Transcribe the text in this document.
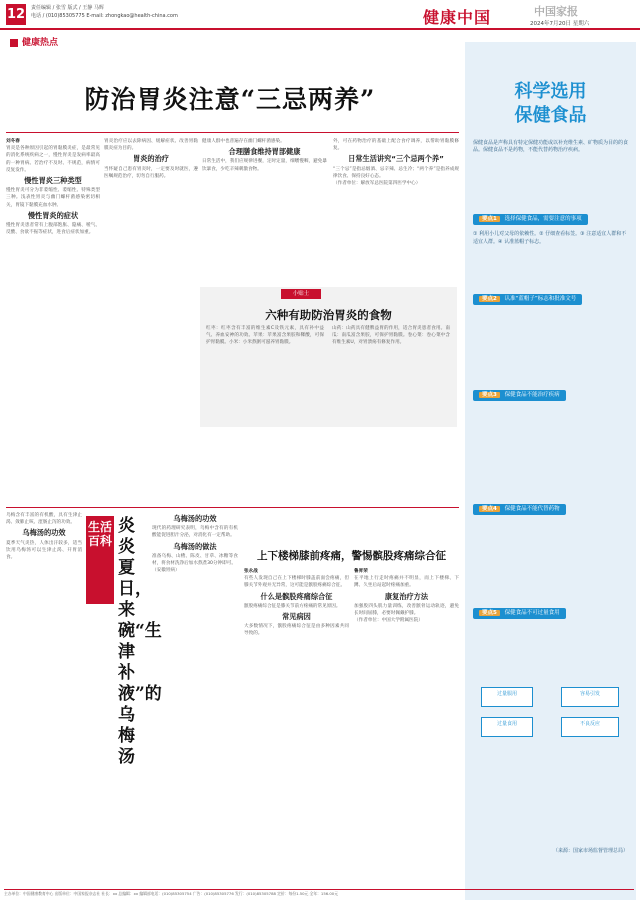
12 责任编辑 / 张雪 版式 / 王静 马辉
电话 / (010)85305775 E-mail: zhongkao@health-china.com	健康中国	中国家报
2024年7月20日 星期六
健康热点
防治胃炎注意“三忌两养”
刘冬春
胃炎是各种原因引起的胃黏膜炎症，是最常见的消化系统疾病之一，慢性胃炎是发病率最高的一种胃病。若治疗不及时、不规范，病情可反复发作。
慢性胃炎三种类型
慢性胃炎可分为非萎缩性、萎缩性、特殊类型三种。浅表性胃炎与幽门螺杆菌感染密切相关，胃镜下黏膜充血水肿。
慢性胃炎的症状
慢性胃炎患者常有上腹部饱胀、隐痛、嗳气、反酸、食欲不振等症状，进食后症状加重。
胃炎治疗应以去除病因、缓解症状、改善胃黏膜炎症为目的。
胃炎的治疗
当怀疑自己患有胃炎时，一定要及时就医，遵医嘱规范治疗，切勿自行服药。
健康人群中也普遍存在幽门螺杆菌感染。
合理膳食维持胃部健康
日常生活中，我们应规律进餐，定时定量，细嚼慢咽，避免暴饮暴食，少吃辛辣刺激食物。
外，可在药物治疗的基础上配合食疗调养，以帮助胃黏膜修复。
日常生活讲究“三个忌两个养”
“三个忌”是指忌烟酒、忌辛辣、忌生冷；“两个养”是指养成规律饮食、保持良好心态。
（作者单位：解放军总医院第四医学中心）
小贴士
六种有助防治胃炎的食物
红枣：红枣含有丰富的维生素C及铁元素，具有补中益气、养血安神的功效。苹果：苹果富含果胶和鞣酸，可保护胃黏膜。小米：小米熬粥可滋养胃黏膜。
山药：山药具有健脾益胃的作用，适合胃炎患者食用。南瓜：南瓜富含果胶，可保护胃黏膜。卷心菜：卷心菜中含有维生素U，对胃溃疡有修复作用。
乌梅含有丰富的有机酸，具有生津止渴、敛肺止咳、涩肠止泻的功效。
乌梅汤的功效
夏季天气炎热，人体出汗较多，适当饮用乌梅汤可以生津止渴、开胃消食。
生活百科
炎炎夏日，来碗“生津补液”的乌梅汤
乌梅汤的功效
现代的药理研究表明，乌梅中含有的有机酸能促进胆汁分泌，对消化有一定帮助。
乌梅汤的做法
准备乌梅、山楂、陈皮、甘草、冰糖等食材，将食材洗净后加水熬煮30分钟即可。
（安徽胃病）
上下楼梯膝前疼痛，警惕髌股疼痛综合征
张永战
有些人发现自己在上下楼梯时膝盖前面会疼痛，但膝关节外观并无异常，这可能是髌股疼痛综合征。
什么是髌股疼痛综合征
髌股疼痛综合征是膝关节前方疼痛的常见原因。
常见病因
大多数情况下，髌股疼痛综合征是由多种因素共同导致的。
鲁昇荣
在平地上行走时疼痛并不明显，而上下楼梯、下蹲、久坐后站起时疼痛加重。
康复治疗方法
加强股四头肌力量训练，改善髌骨运动轨迹，避免长时间屈膝，必要时佩戴护膝。
（作者单位：中国大学附属医院）
科学选用
保健食品
保健食品是声称具有特定保健功能或以补充维生素、矿物质为目的的食品。保健食品不是药物，不能代替药物治疗疾病。
要点1 选择保健食品，需要注意的事项
① 利用小儿对父母的依赖性。② 仔细查看标签。③ 注意适宜人群和不适宜人群。④ 认准蓝帽子标志。
要点2 认准“蓝帽子”标志和批准文号
要点3 保健食品不能治疗疾病
要点4 保健食品不能代替药物
要点5 保健食品不可过量食用
过量服用	容易引发
过量食用	不良反应
（来源：国家市场监督管理总局）
主办单位：中国健康教育中心 出版单位：中国家报杂志社 社长：xx 总编辑：xx 编辑部电话：(010)85305754 广告：(010)85305776 发行：(010)85305788 定价：每份1.50元 全年：156.00元
